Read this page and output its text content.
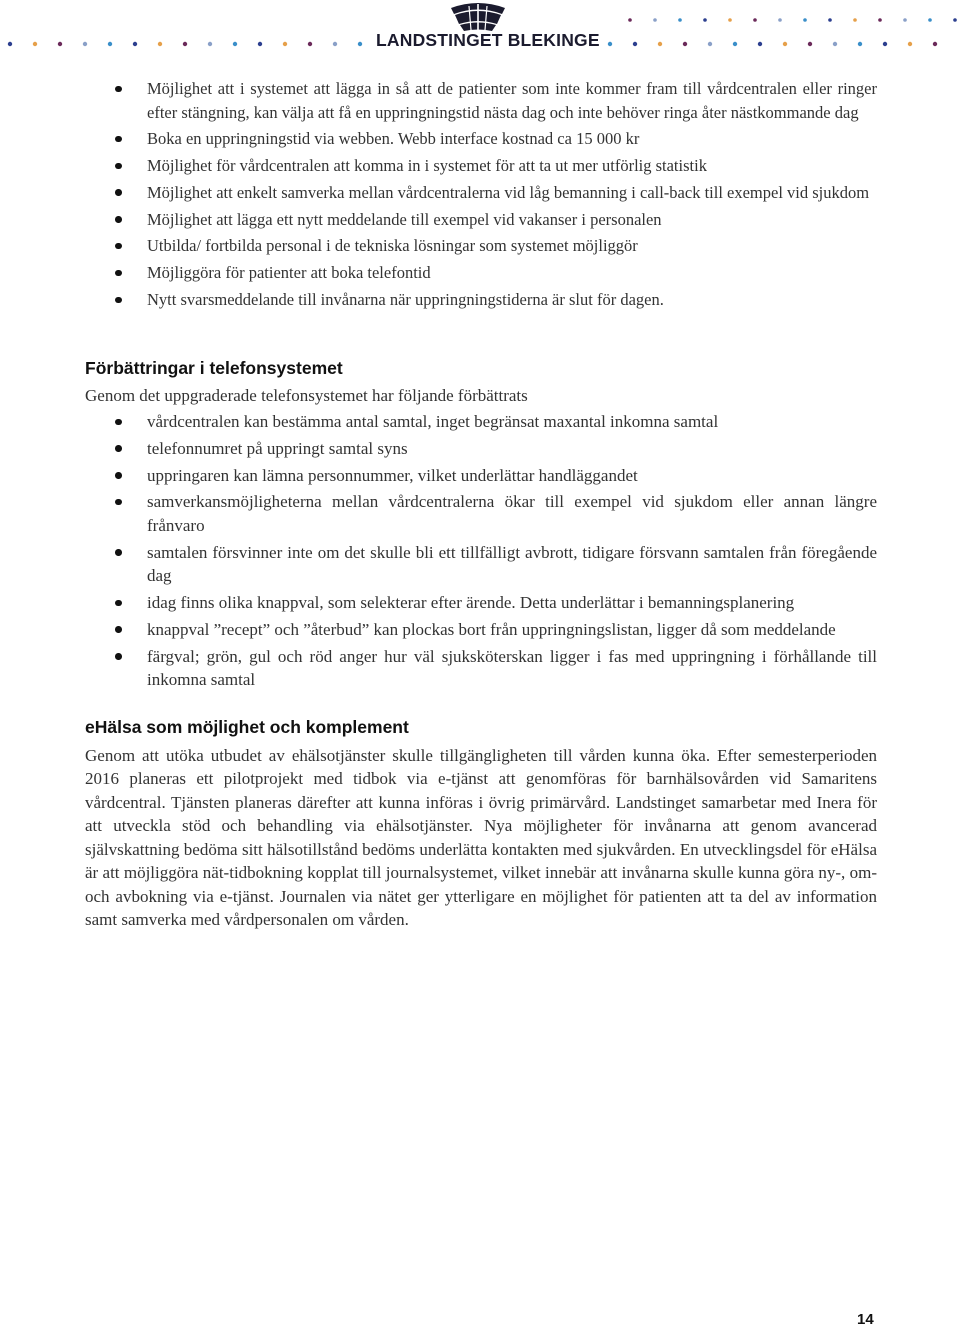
LANDSTINGET BLEKINGE
Möjlighet att i systemet att lägga in så att de patienter som inte kommer fram till vårdcentralen eller ringer efter stängning, kan välja att få en uppringningstid nästa dag och inte behöver ringa åter nästkommande dag
Boka en uppringningstid via webben. Webb interface kostnad ca 15 000 kr
Möjlighet för vårdcentralen att komma in i systemet för att ta ut mer utförlig statistik
Möjlighet att enkelt samverka mellan vårdcentralerna vid låg bemanning i call-back till exempel vid sjukdom
Möjlighet att lägga ett nytt meddelande till exempel vid vakanser i personalen
Utbilda/ fortbilda personal i de tekniska lösningar som systemet möjliggör
Möjliggöra för patienter att boka telefontid
Nytt svarsmeddelande till invånarna när uppringningstiderna är slut för dagen.
Förbättringar i telefonsystemet

Genom det uppgraderade telefonsystemet har följande förbättrats

vårdcentralen kan bestämma antal samtal, inget begränsat maxantal inkomna samtal
telefonnumret på uppringt samtal syns
uppringaren kan lämna personnummer, vilket underlättar handläggandet
samverkansmöjligheterna mellan vårdcentralerna ökar till exempel vid sjukdom eller annan längre frånvaro
samtalen försvinner inte om det skulle bli ett tillfälligt avbrott, tidigare försvann samtalen från föregående dag
idag finns olika knappval, som selekterar efter ärende. Detta underlättar i bemanningsplanering
knappval ”recept” och ”återbud” kan plockas bort från uppringningslistan, ligger då som meddelande
färgval; grön, gul och röd anger hur väl sjuksköterskan ligger i fas med uppringning i förhållande till inkomna samtal
eHälsa som möjlighet och komplement

Genom att utöka utbudet av ehälsotjänster skulle tillgängligheten till vården kunna öka. Efter semesterperioden 2016 planeras ett pilotprojekt med tidbok via e-tjänst att genomföras för barnhälsovården vid Samaritens vårdcentral. Tjänsten planeras därefter att kunna införas i övrig primärvård. Landstinget samarbetar med Inera för att utveckla stöd och behandling via ehälsotjänster. Nya möjligheter för invånarna att genom avancerad självskattning bedöma sitt hälsotillstånd bedöms underlätta kontakten med sjukvården. En utvecklingsdel för eHälsa är att möjliggöra nät-tidbokning kopplat till journalsystemet, vilket innebär att invånarna skulle kunna göra ny-, om- och avbokning via e-tjänst. Journalen via nätet ger ytterligare en möjlighet för patienten att ta del av information samt samverka med vårdpersonalen om vården.

14
